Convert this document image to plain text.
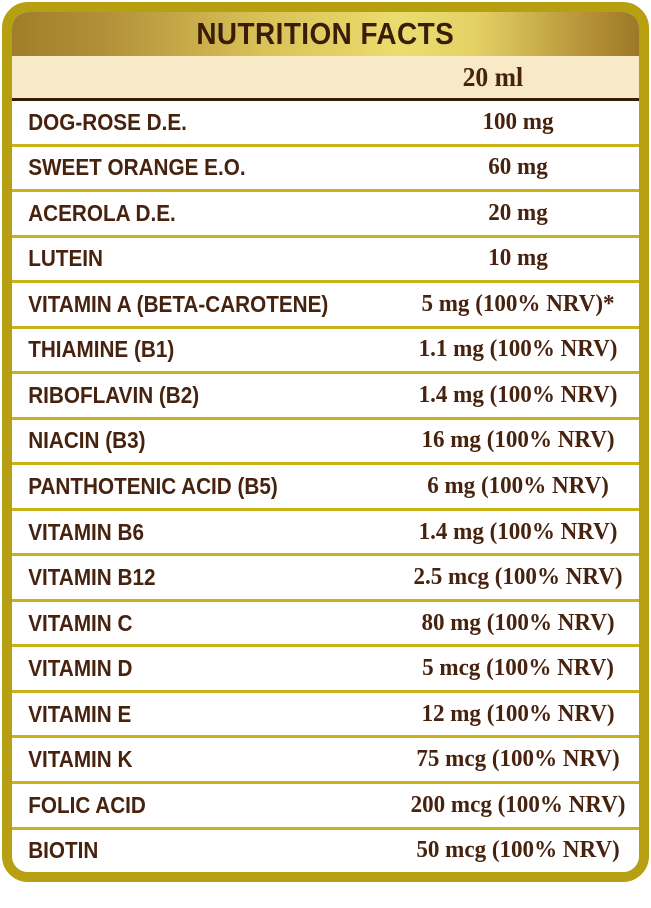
NUTRITION FACTS
20 ml
DOG-ROSE D.E.	100 mg
SWEET ORANGE E.O.	60 mg
ACEROLA D.E.	20 mg
LUTEIN	10 mg
VITAMIN A (BETA-CAROTENE)	5 mg (100% NRV)*
THIAMINE (B1)	1.1 mg (100% NRV)
RIBOFLAVIN (B2)	1.4 mg (100% NRV)
NIACIN (B3)	16 mg (100% NRV)
PANTHOTENIC ACID (B5)	6 mg (100% NRV)
VITAMIN B6	1.4 mg (100% NRV)
VITAMIN B12	2.5 mcg (100% NRV)
VITAMIN C	80 mg (100% NRV)
VITAMIN D	5 mcg (100% NRV)
VITAMIN E	12 mg (100% NRV)
VITAMIN K	75 mcg (100% NRV)
FOLIC ACID	200 mcg (100% NRV)
BIOTIN	50 mcg (100% NRV)
